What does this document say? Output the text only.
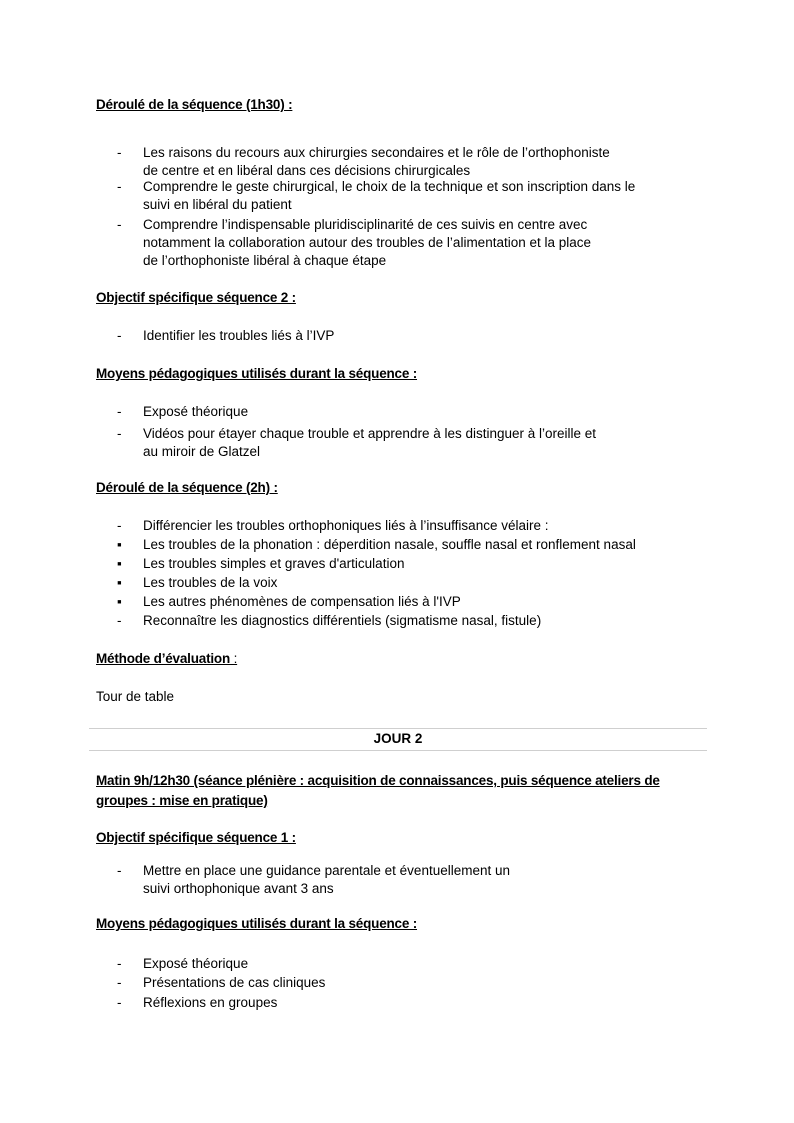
Déroulé de la séquence (1h30) :
-	Les raisons du recours aux chirurgies secondaires et le rôle de l’orthophoniste
de centre et en libéral dans ces décisions chirurgicales
-	Comprendre le geste chirurgical, le choix de la technique et son inscription dans le
suivi en libéral du patient
-	Comprendre l’indispensable pluridisciplinarité de ces suivis en centre avec
notamment la collaboration autour des troubles de l’alimentation et la place
de l’orthophoniste libéral à chaque étape
Objectif spécifique séquence 2 :
-	Identifier les troubles liés à l’IVP
Moyens pédagogiques utilisés durant la séquence :
-	Exposé théorique
-	Vidéos pour étayer chaque trouble et apprendre à les distinguer à l’oreille et
au miroir de Glatzel
Déroulé de la séquence (2h) :
-	Différencier les troubles orthophoniques liés à l’insuffisance vélaire :
▪	Les troubles de la phonation : déperdition nasale, souffle nasal et ronflement nasal
▪	Les troubles simples et graves d'articulation
▪	Les troubles de la voix
▪	Les autres phénomènes de compensation liés à l'IVP
-	Reconnaître les diagnostics différentiels (sigmatisme nasal, fistule)
Méthode d’évaluation :
Tour de table
JOUR 2
Matin 9h/12h30 (séance plénière : acquisition de connaissances, puis séquence ateliers de groupes : mise en pratique)
Objectif spécifique séquence 1 :
-	Mettre en place une guidance parentale et éventuellement un
suivi orthophonique avant 3 ans
Moyens pédagogiques utilisés durant la séquence :
-	Exposé théorique
-	Présentations de cas cliniques
-	Réflexions en groupes
